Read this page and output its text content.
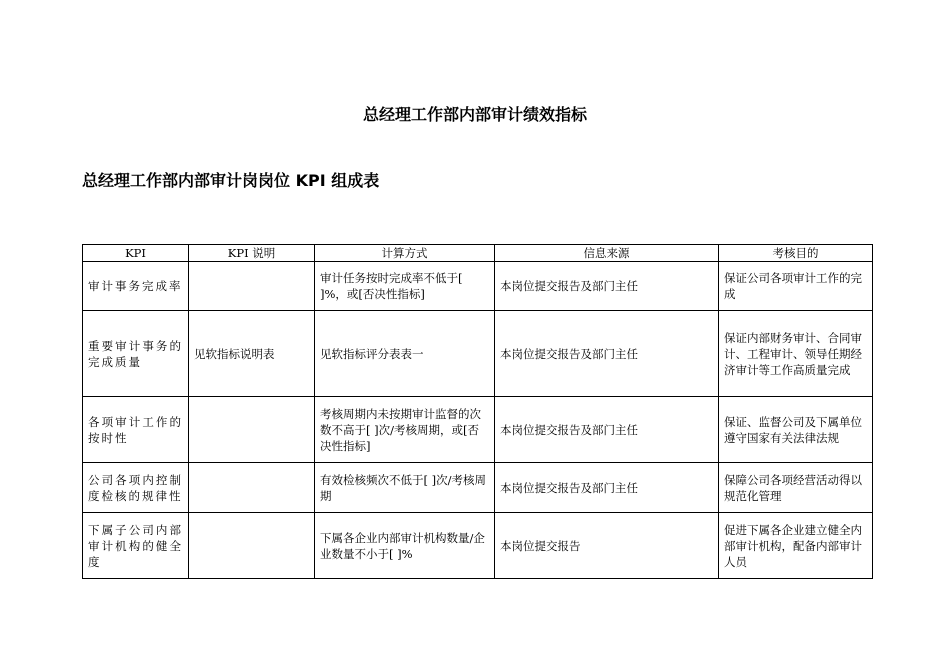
总经理工作部内部审计绩效指标
总经理工作部内部审计岗岗位 KPI 组成表
KPI	KPI 说明	计算方式	信息来源	考核目的
审计事务完成率		审计任务按时完成率不低于[ ]%，或[否决性指标]	本岗位提交报告及部门主任	保证公司各项审计工作的完成
重要审计事务的完成质量	见软指标说明表	见软指标评分表表一	本岗位提交报告及部门主任	保证内部财务审计、合同审计、工程审计、领导任期经济审计等工作高质量完成
各项审计工作的按时性		考核周期内未按期审计监督的次数不高于[ ]次/考核周期，或[否决性指标]	本岗位提交报告及部门主任	保证、监督公司及下属单位遵守国家有关法律法规
公司各项内控制度检核的规律性		有效检核频次不低于[ ]次/考核周期	本岗位提交报告及部门主任	保障公司各项经营活动得以规范化管理
下属子公司内部审计机构的健全度		下属各企业内部审计机构数量/企业数量不小于[ ]%	本岗位提交报告	促进下属各企业建立健全内部审计机构，配备内部审计人员
